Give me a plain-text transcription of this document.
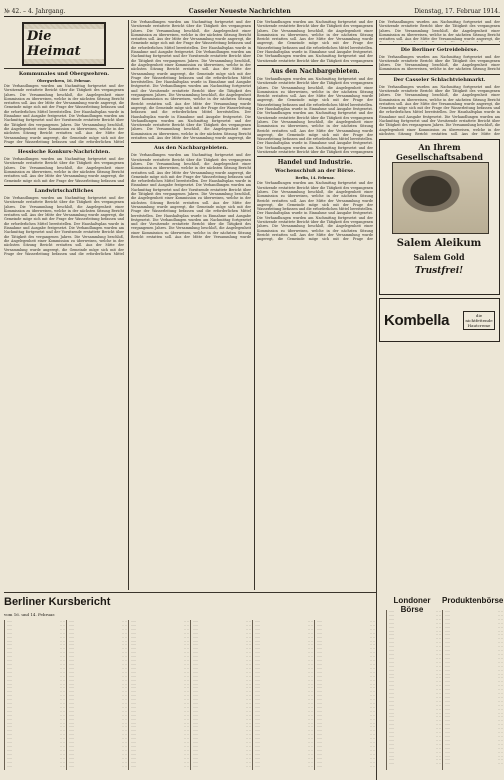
№ 42. – 4. Jahrgang.	Casseler Neueste Nachrichten	Dienstag, 17. Februar 1914.
Die Heimat
Kommunales und Obergwehren.
Obergwehren, 16. Februar.
Die Verhandlungen wurden am Nachmittag fortgesetzt und der Vorsitzende erstattete Bericht über die Tätigkeit des vergangenen Jahres. Die Versammlung beschloß, die Angelegenheit einer Kommission zu überweisen, welche in der nächsten Sitzung Bericht erstatten soll. Aus der Mitte der Versammlung wurde angeregt, die Gemeinde möge sich mit der Frage der Wasserleitung befassen und die erforderlichen Mittel bereitstellen. Der Haushaltsplan wurde in Einnahme und Ausgabe festgesetzt. Die Verhandlungen wurden am Nachmittag fortgesetzt und der Vorsitzende erstattete Bericht über die Tätigkeit des vergangenen Jahres. Die Versammlung beschloß, die Angelegenheit einer Kommission zu überweisen, welche in der nächsten Sitzung Bericht erstatten soll. Aus der Mitte der Versammlung wurde angeregt, die Gemeinde möge sich mit der Frage der Wasserleitung befassen und die erforderlichen Mittel
Hessische Konkurs-Nachrichten.
Die Verhandlungen wurden am Nachmittag fortgesetzt und der Vorsitzende erstattete Bericht über die Tätigkeit des vergangenen Jahres. Die Versammlung beschloß, die Angelegenheit einer Kommission zu überweisen, welche in der nächsten Sitzung Bericht erstatten soll. Aus der Mitte der Versammlung wurde angeregt, die Gemeinde möge sich mit der Frage der Wasserleitung befassen und
Landwirtschaftliches
Die Verhandlungen wurden am Nachmittag fortgesetzt und der Vorsitzende erstattete Bericht über die Tätigkeit des vergangenen Jahres. Die Versammlung beschloß, die Angelegenheit einer Kommission zu überweisen, welche in der nächsten Sitzung Bericht erstatten soll. Aus der Mitte der Versammlung wurde angeregt, die Gemeinde möge sich mit der Frage der Wasserleitung befassen und die erforderlichen Mittel bereitstellen. Der Haushaltsplan wurde in Einnahme und Ausgabe festgesetzt. Die Verhandlungen wurden am Nachmittag fortgesetzt und der Vorsitzende erstattete Bericht über die Tätigkeit des vergangenen Jahres. Die Versammlung beschloß, die Angelegenheit einer Kommission zu überweisen, welche in der nächsten Sitzung Bericht erstatten soll. Aus der Mitte der Versammlung wurde angeregt, die Gemeinde möge sich mit der Frage der Wasserleitung befassen und die erforderlichen Mittel
Die Verhandlungen wurden am Nachmittag fortgesetzt und der Vorsitzende erstattete Bericht über die Tätigkeit des vergangenen Jahres. Die Versammlung beschloß, die Angelegenheit einer Kommission zu überweisen, welche in der nächsten Sitzung Bericht erstatten soll. Aus der Mitte der Versammlung wurde angeregt, die Gemeinde möge sich mit der Frage der Wasserleitung befassen und die erforderlichen Mittel bereitstellen. Der Haushaltsplan wurde in Einnahme und Ausgabe festgesetzt. Die Verhandlungen wurden am Nachmittag fortgesetzt und der Vorsitzende erstattete Bericht über die Tätigkeit des vergangenen Jahres. Die Versammlung beschloß, die Angelegenheit einer Kommission zu überweisen, welche in der nächsten Sitzung Bericht erstatten soll. Aus der Mitte der Versammlung wurde angeregt, die Gemeinde möge sich mit der Frage der Wasserleitung befassen und die erforderlichen Mittel bereitstellen. Der Haushaltsplan wurde in Einnahme und Ausgabe festgesetzt. Die Verhandlungen wurden am Nachmittag fortgesetzt und der Vorsitzende erstattete Bericht über die Tätigkeit des vergangenen Jahres. Die Versammlung beschloß, die Angelegenheit einer Kommission zu überweisen, welche in der nächsten Sitzung Bericht erstatten soll. Aus der Mitte der Versammlung wurde angeregt, die Gemeinde möge sich mit der Frage der Wasserleitung befassen und die erforderlichen Mittel bereitstellen. Der Haushaltsplan wurde in Einnahme und Ausgabe festgesetzt. Die Verhandlungen wurden am Nachmittag fortgesetzt und der Vorsitzende erstattete Bericht über die Tätigkeit des vergangenen Jahres. Die Versammlung beschloß, die Angelegenheit einer Kommission zu überweisen, welche in der nächsten Sitzung Bericht erstatten soll. Aus der Mitte der Versammlung wurde angeregt, die
Aus den Nachbargebieten.
Die Verhandlungen wurden am Nachmittag fortgesetzt und der Vorsitzende erstattete Bericht über die Tätigkeit des vergangenen Jahres. Die Versammlung beschloß, die Angelegenheit einer Kommission zu überweisen, welche in der nächsten Sitzung Bericht erstatten soll. Aus der Mitte der Versammlung wurde angeregt, die Gemeinde möge sich mit der Frage der Wasserleitung befassen und die erforderlichen Mittel bereitstellen. Der Haushaltsplan wurde in Einnahme und Ausgabe festgesetzt. Die Verhandlungen wurden am Nachmittag fortgesetzt und der Vorsitzende erstattete Bericht über die Tätigkeit des vergangenen Jahres. Die Versammlung beschloß, die Angelegenheit einer Kommission zu überweisen, welche in der nächsten Sitzung Bericht erstatten soll. Aus der Mitte der Versammlung wurde angeregt, die Gemeinde möge sich mit der Frage der Wasserleitung befassen und die erforderlichen Mittel bereitstellen. Der Haushaltsplan wurde in Einnahme und Ausgabe festgesetzt. Die Verhandlungen wurden am Nachmittag fortgesetzt und der Vorsitzende erstattete Bericht über die Tätigkeit des vergangenen Jahres. Die Versammlung beschloß, die Angelegenheit einer Kommission zu überweisen, welche in der nächsten Sitzung Bericht erstatten soll. Aus der Mitte der Versammlung wurde
Die Verhandlungen wurden am Nachmittag fortgesetzt und der Vorsitzende erstattete Bericht über die Tätigkeit des vergangenen Jahres. Die Versammlung beschloß, die Angelegenheit einer Kommission zu überweisen, welche in der nächsten Sitzung Bericht erstatten soll. Aus der Mitte der Versammlung wurde angeregt, die Gemeinde möge sich mit der Frage der Wasserleitung befassen und die erforderlichen Mittel bereitstellen. Der Haushaltsplan wurde in Einnahme und Ausgabe festgesetzt. Die Verhandlungen wurden am Nachmittag fortgesetzt und der Vorsitzende erstattete Bericht über die Tätigkeit des vergangenen
Aus den Nachbargebieten.
Die Verhandlungen wurden am Nachmittag fortgesetzt und der Vorsitzende erstattete Bericht über die Tätigkeit des vergangenen Jahres. Die Versammlung beschloß, die Angelegenheit einer Kommission zu überweisen, welche in der nächsten Sitzung Bericht erstatten soll. Aus der Mitte der Versammlung wurde angeregt, die Gemeinde möge sich mit der Frage der Wasserleitung befassen und die erforderlichen Mittel bereitstellen. Der Haushaltsplan wurde in Einnahme und Ausgabe festgesetzt. Die Verhandlungen wurden am Nachmittag fortgesetzt und der Vorsitzende erstattete Bericht über die Tätigkeit des vergangenen Jahres. Die Versammlung beschloß, die Angelegenheit einer Kommission zu überweisen, welche in der nächsten Sitzung Bericht erstatten soll. Aus der Mitte der Versammlung wurde angeregt, die Gemeinde möge sich mit der Frage der Wasserleitung befassen und die erforderlichen Mittel bereitstellen. Der Haushaltsplan wurde in Einnahme und Ausgabe festgesetzt. Die Verhandlungen wurden am Nachmittag fortgesetzt und der Vorsitzende erstattete Bericht über die Tätigkeit des vergangenen
Handel und Industrie.
Wochenschluß an der Börse.
Berlin, 14. Februar.
Die Verhandlungen wurden am Nachmittag fortgesetzt und der Vorsitzende erstattete Bericht über die Tätigkeit des vergangenen Jahres. Die Versammlung beschloß, die Angelegenheit einer Kommission zu überweisen, welche in der nächsten Sitzung Bericht erstatten soll. Aus der Mitte der Versammlung wurde angeregt, die Gemeinde möge sich mit der Frage der Wasserleitung befassen und die erforderlichen Mittel bereitstellen. Der Haushaltsplan wurde in Einnahme und Ausgabe festgesetzt. Die Verhandlungen wurden am Nachmittag fortgesetzt und der Vorsitzende erstattete Bericht über die Tätigkeit des vergangenen Jahres. Die Versammlung beschloß, die Angelegenheit einer Kommission zu überweisen, welche in der nächsten Sitzung Bericht erstatten soll. Aus der Mitte der Versammlung wurde angeregt, die Gemeinde möge sich mit der Frage der
Die Verhandlungen wurden am Nachmittag fortgesetzt und der Vorsitzende erstattete Bericht über die Tätigkeit des vergangenen Jahres. Die Versammlung beschloß, die Angelegenheit einer Kommission zu überweisen, welche in der nächsten Sitzung Bericht erstatten soll. Aus der Mitte der Versammlung wurde angeregt, die
Die Berliner Getreidebörse.
Die Verhandlungen wurden am Nachmittag fortgesetzt und der Vorsitzende erstattete Bericht über die Tätigkeit des vergangenen Jahres. Die Versammlung beschloß, die Angelegenheit einer Kommission zu überweisen, welche in der nächsten Sitzung Bericht
Der Casseler Schlachtviehmarkt.
Die Verhandlungen wurden am Nachmittag fortgesetzt und der Vorsitzende erstattete Bericht über die Tätigkeit des vergangenen Jahres. Die Versammlung beschloß, die Angelegenheit einer Kommission zu überweisen, welche in der nächsten Sitzung Bericht erstatten soll. Aus der Mitte der Versammlung wurde angeregt, die Gemeinde möge sich mit der Frage der Wasserleitung befassen und die erforderlichen Mittel bereitstellen. Der Haushaltsplan wurde in Einnahme und Ausgabe festgesetzt. Die Verhandlungen wurden am Nachmittag fortgesetzt und der Vorsitzende erstattete Bericht über die Tätigkeit des vergangenen Jahres. Die Versammlung beschloß, die Angelegenheit einer Kommission zu überweisen, welche in der nächsten Sitzung Bericht erstatten soll. Aus der Mitte der
An Ihrem Gesellschaftsabend
Salem Aleikum
Salem Gold
Trustfrei!
Kombella	die nichtfettende Hautcreme
Berliner Kursbericht
vom 16. und 14. Februar.
·····	·· ··
·····	·· ··
·····	·· ··
·····	·· ··
·····	·· ··
·····	·· ··
·····	·· ··
·····	·· ··
·····	·· ··
·····	·· ··
·····	·· ··
·····	·· ··
·····	·· ··
·····	·· ··
·····	·· ··
·····	·· ··
·····	·· ··
·····	·· ··
·····	·· ··
·····	·· ··
·····	·· ··
·····	·· ··
·····	·· ··
·····	·· ··
·····	·· ··
·····	·· ··
·····	·· ··
·····	·· ··
·····	·· ··
·····	·· ··
·····	·· ··
·····	·· ··
·····	·· ··
·····	·· ··
·····	·· ··
·····	·· ··
·····	·· ··
·····	·· ··
·····	·· ··
·····	·· ··
·····	·· ··
·····	·· ··
·····	·· ··
·····	·· ··
·····	·· ··
·····	·· ··
·····	·· ··
·····	·· ··
·····	·· ··
·····	·· ··
·····	·· ··
·····	·· ··
·····	·· ··
·····	·· ··
·····	·· ··
·····	·· ··
·····	·· ··
·····	·· ··
·····	·· ··
·····	·· ··
·····	·· ··
·····	·· ··
·····	·· ··
·····	·· ··
·····	·· ··
·····	·· ··
·····	·· ··
·····	·· ··
·····	·· ··
·····	·· ··
·····	·· ··
·····	·· ··
·····	·· ··
·····	·· ··
·····	·· ··
·····	·· ··
·····	·· ··
·····	·· ··
·····	·· ··
·····	·· ··
·····	·· ··
·····	·· ··
·····	·· ··
·····	·· ··
·····	·· ··
·····	·· ··
·····	·· ··
·····	·· ··
·····	·· ··
·····	·· ··
·····	·· ··
·····	·· ··
·····	·· ··
·····	·· ··
·····	·· ··
·····	·· ··
·····	·· ··
·····	·· ··
·····	·· ··
·····	·· ··
·····	·· ··
·····	·· ··
·····	·· ··
·····	·· ··
·····	·· ··
·····	·· ··
·····	·· ··
·····	·· ··
·····	·· ··
·····	·· ··
·····	·· ··
·····	·· ··
·····	·· ··
·····	·· ··
·····	·· ··
·····	·· ··
·····	·· ··
·····	·· ··
·····	·· ··
·····	·· ··
·····	·· ··
·····	·· ··
·····	·· ··
·····	·· ··
·····	·· ··
·····	·· ··
·····	·· ··
·····	·· ··
·····	·· ··
·····	·· ··
·····	·· ··
·····	·· ··
·····	·· ··
·····	·· ··
·····	·· ··
·····	·· ··
·····	·· ··
·····	·· ··
·····	·· ··
·····	·· ··
·····	·· ··
·····	·· ··
·····	·· ··
·····	·· ··
·····	·· ··
·····	·· ··
·····	·· ··
·····	·· ··
·····	·· ··
·····	·· ··
·····	·· ··
·····	·· ··
·····	·· ··
·····	·· ··
·····	·· ··
·····	·· ··
·····	·· ··
·····	·· ··
·····	·· ··
·····	·· ··
·····	·· ··
·····	·· ··
·····	·· ··
·····	·· ··
·····	·· ··
·····	·· ··
·····	·· ··
·····	·· ··
·····	·· ··
·····	·· ··
·····	·· ··
·····	·· ··
·····	·· ··
·····	·· ··
·····	·· ··
·····	·· ··
·····	·· ··
·····	·· ··
·····	·· ··
·····	·· ··
·····	·· ··
·····	·· ··
·····	·· ··
·····	·· ··
·····	·· ··
·····	·· ··
·····	·· ··
·····	·· ··
·····	·· ··
·····	·· ··
·····	·· ··
·····	·· ··
·····	·· ··
·····	·· ··
·····	·· ··
·····	·· ··
·····	·· ··
·····	·· ··
·····	·· ··
·····	·· ··
·····	·· ··
·····	·· ··
·····	·· ··
·····	·· ··
·····	·· ··
·····	·· ··
·····	·· ··
·····	·· ··
·····	·· ··
·····	·· ··
·····	·· ··
·····	·· ··
·····	·· ··
·····	·· ··
·····	·· ··
·····	·· ··
·····	·· ··
·····	·· ··
·····	·· ··
·····	·· ··
·····	·· ··
·····	·· ··
·····	·· ··
·····	·· ··
·····	·· ··
·····	·· ··
·····	·· ··
·····	·· ··
Londoner Börse
·····	·· ··
·····	·· ··
·····	·· ··
·····	·· ··
·····	·· ··
·····	·· ··
·····	·· ··
·····	·· ··
·····	·· ··
·····	·· ··
·····	·· ··
·····	·· ··
·····	·· ··
·····	·· ··
·····	·· ··
·····	·· ··
·····	·· ··
·····	·· ··
·····	·· ··
·····	·· ··
·····	·· ··
·····	·· ··
·····	·· ··
·····	·· ··
·····	·· ··
·····	·· ··
·····	·· ··
·····	·· ··
·····	·· ··
·····	·· ··
·····	·· ··
·····	·· ··
·····	·· ··
·····	·· ··
·····	·· ··
·····	·· ··
·····	·· ··
·····	·· ··
·····	·· ··
·····	·· ··
Produktenbörse
·····	·· ··
·····	·· ··
·····	·· ··
·····	·· ··
·····	·· ··
·····	·· ··
·····	·· ··
·····	·· ··
·····	·· ··
·····	·· ··
·····	·· ··
·····	·· ··
·····	·· ··
·····	·· ··
·····	·· ··
·····	·· ··
·····	·· ··
·····	·· ··
·····	·· ··
·····	·· ··
·····	·· ··
·····	·· ··
·····	·· ··
·····	·· ··
·····	·· ··
·····	·· ··
·····	·· ··
·····	·· ··
·····	·· ··
·····	·· ··
·····	·· ··
·····	·· ··
·····	·· ··
·····	·· ··
·····	·· ··
·····	·· ··
·····	·· ··
·····	·· ··
·····	·· ··
·····	·· ··
